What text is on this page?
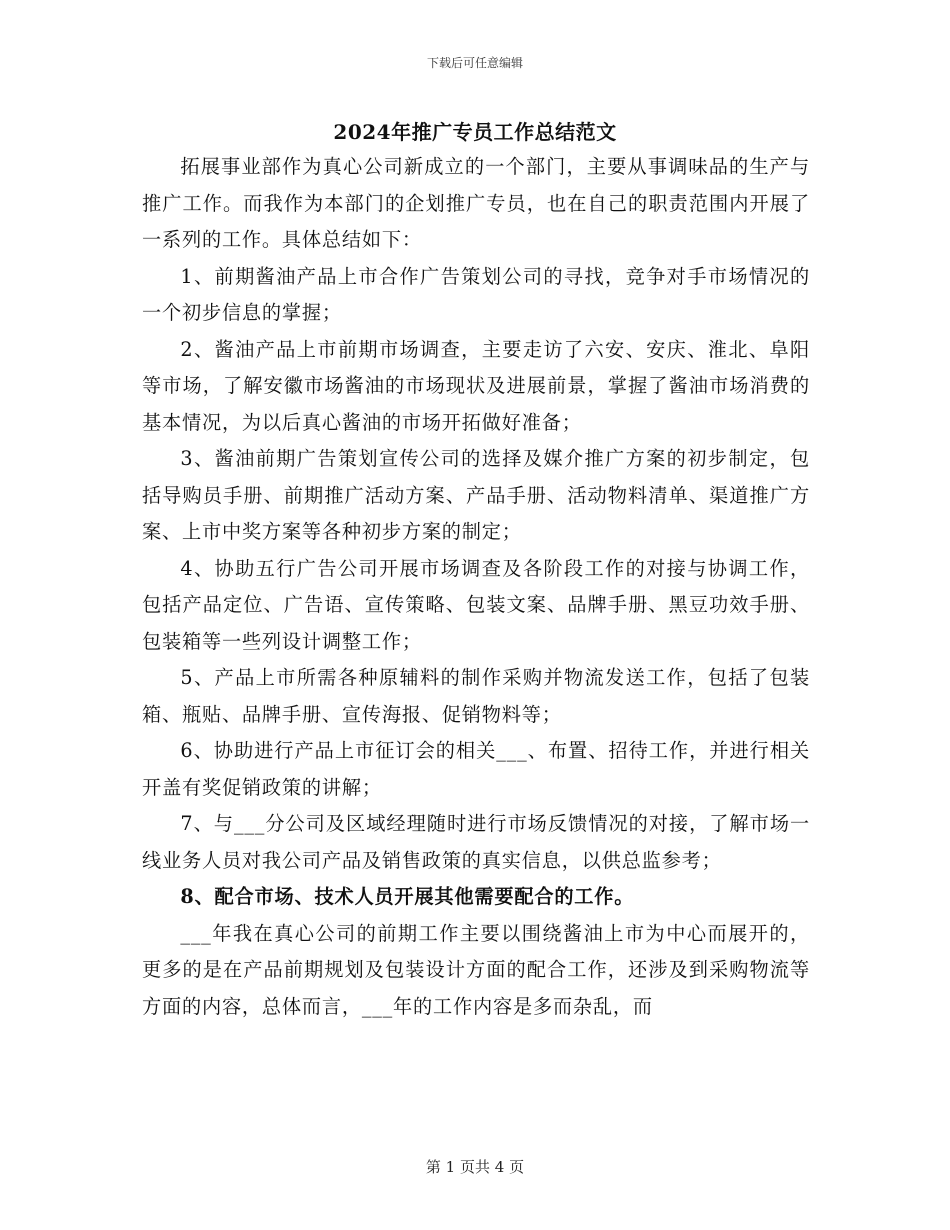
下载后可任意编辑
2024年推广专员工作总结范文

拓展事业部作为真心公司新成立的一个部门，主要从事调味品的生产与推广工作。而我作为本部门的企划推广专员，也在自己的职责范围内开展了一系列的工作。具体总结如下：

1、前期酱油产品上市合作广告策划公司的寻找，竞争对手市场情况的一个初步信息的掌握；

2、酱油产品上市前期市场调查，主要走访了六安、安庆、淮北、阜阳等市场，了解安徽市场酱油的市场现状及进展前景，掌握了酱油市场消费的基本情况，为以后真心酱油的市场开拓做好准备；

3、酱油前期广告策划宣传公司的选择及媒介推广方案的初步制定，包括导购员手册、前期推广活动方案、产品手册、活动物料清单、渠道推广方案、上市中奖方案等各种初步方案的制定；

4、协助五行广告公司开展市场调查及各阶段工作的对接与协调工作，包括产品定位、广告语、宣传策略、包装文案、品牌手册、黑豆功效手册、包装箱等一些列设计调整工作；

5、产品上市所需各种原辅料的制作采购并物流发送工作，包括了包装箱、瓶贴、品牌手册、宣传海报、促销物料等；

6、协助进行产品上市征订会的相关___、布置、招待工作，并进行相关开盖有奖促销政策的讲解；

7、与___分公司及区域经理随时进行市场反馈情况的对接，了解市场一线业务人员对我公司产品及销售政策的真实信息，以供总监参考；

8、配合市场、技术人员开展其他需要配合的工作。

___年我在真心公司的前期工作主要以围绕酱油上市为中心而展开的，更多的是在产品前期规划及包装设计方面的配合工作，还涉及到采购物流等方面的内容，总体而言，___年的工作内容是多而杂乱，而

第 1 页共 4 页
